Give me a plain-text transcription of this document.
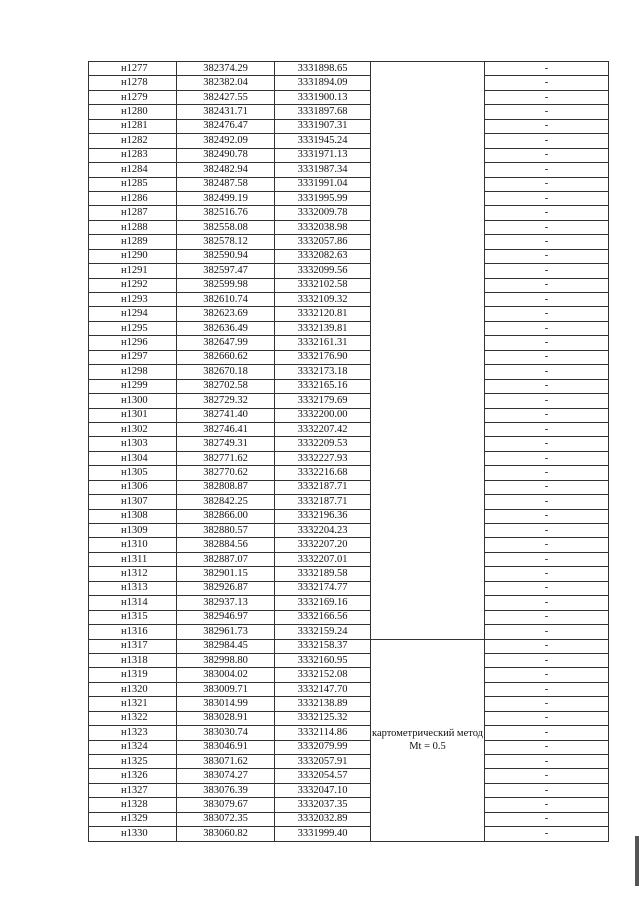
н1277	382374.29	3331898.65		-
н1278	382382.04	3331894.09		-
н1279	382427.55	3331900.13		-
н1280	382431.71	3331897.68		-
н1281	382476.47	3331907.31		-
н1282	382492.09	3331945.24		-
н1283	382490.78	3331971.13		-
н1284	382482.94	3331987.34		-
н1285	382487.58	3331991.04		-
н1286	382499.19	3331995.99		-
н1287	382516.76	3332009.78		-
н1288	382558.08	3332038.98		-
н1289	382578.12	3332057.86		-
н1290	382590.94	3332082.63		-
н1291	382597.47	3332099.56		-
н1292	382599.98	3332102.58		-
н1293	382610.74	3332109.32		-
н1294	382623.69	3332120.81		-
н1295	382636.49	3332139.81		-
н1296	382647.99	3332161.31		-
н1297	382660.62	3332176.90		-
н1298	382670.18	3332173.18		-
н1299	382702.58	3332165.16		-
н1300	382729.32	3332179.69		-
н1301	382741.40	3332200.00		-
н1302	382746.41	3332207.42		-
н1303	382749.31	3332209.53		-
н1304	382771.62	3332227.93		-
н1305	382770.62	3332216.68		-
н1306	382808.87	3332187.71		-
н1307	382842.25	3332187.71		-
н1308	382866.00	3332196.36		-
н1309	382880.57	3332204.23		-
н1310	382884.56	3332207.20		-
н1311	382887.07	3332207.01		-
н1312	382901.15	3332189.58		-
н1313	382926.87	3332174.77		-
н1314	382937.13	3332169.16		-
н1315	382946.97	3332166.56		-
н1316	382961.73	3332159.24		-
н1317	382984.45	3332158.37	картометрический метод Mt = 0.5	-
н1318	382998.80	3332160.95		-
н1319	383004.02	3332152.08		-
н1320	383009.71	3332147.70		-
н1321	383014.99	3332138.89		-
н1322	383028.91	3332125.32		-
н1323	383030.74	3332114.86		-
н1324	383046.91	3332079.99		-
н1325	383071.62	3332057.91		-
н1326	383074.27	3332054.57		-
н1327	383076.39	3332047.10		-
н1328	383079.67	3332037.35		-
н1329	383072.35	3332032.89		-
н1330	383060.82	3331999.40		-
